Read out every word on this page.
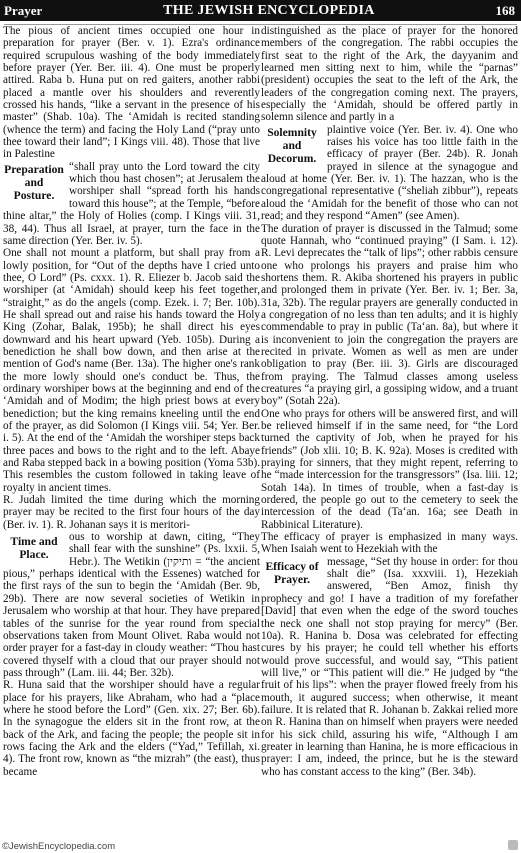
Prayer	THE JEWISH ENCYCLOPEDIA	168

The pious of ancient times occupied one hour in preparation for prayer (Ber. v. 1). Ezra's ordinance required scrupulous washing of the body immediately before prayer (Yer. Ber. iii. 4). One must be properly attired. Raba b. Huna put on red gaiters, another rabbi placed a mantle over his shoulders and reverently crossed his hands, “like a servant in the presence of his master” (Shab. 10a). The ‘Amidah is recited standing (whence the term) and facing the Holy Land (“pray unto thee toward their land”; I Kings viii. 48). Those that live in Palestine

Preparation and Posture.

“shall pray unto the Lord toward the city which thou hast chosen”; at Jerusalem the worshiper shall “spread forth his hands toward this house”; at the Temple, “before thine altar,” the Holy of Holies (comp. I Kings viii. 31, 38, 44). Thus all Israel, at prayer, turn the face in the same direction (Yer. Ber. iv. 5).

One shall not mount a platform, but shall pray from a lowly position, for “Out of the depths have I cried unto thee, O Lord” (Ps. cxxx. 1). R. Eliezer b. Jacob said the worshiper (at ‘Amidah) should keep his feet together, “straight,” as do the angels (comp. Ezek. i. 7; Ber. 10b). He shall spread out and raise his hands toward the Holy King (Zohar, Balak, 195b); he shall direct his eyes downward and his heart upward (Yeb. 105b). During a benediction he shall bow down, and then arise at the mention of God's name (Ber. 13a). The higher one's rank the more lowly should one's conduct be. Thus, the ordinary worshiper bows at the beginning and end of the ‘Amidah and of Modim; the high priest bows at every benediction; but the king remains kneeling until the end of the prayer, as did Solomon (I Kings viii. 54; Yer. Ber. i. 5). At the end of the ‘Amidah the worshiper steps back three paces and bows to the right and to the left. Abaye and Raba stepped back in a bowing position (Yoma 53b). This resembles the custom followed in taking leave of royalty in ancient times.

R. Judah limited the time during which the morning prayer may be recited to the first four hours of the day (Ber. iv. 1). R. Johanan says it is meritori-

Time and Place.

ous to worship at dawn, citing, “They shall fear with the sunshine” (Ps. lxxii. 5, Hebr.). The Wetikin (ותיקין = “the ancient pious,” perhaps identical with the Essenes) watched for the first rays of the sun to begin the ‘Amidah (Ber. 9b, 29b). There are now several societies of Wetikin in Jerusalem who worship at that hour. They have prepared tables of the sunrise for the year round from special observations taken from Mount Olivet. Raba would not order prayer for a fast-day in cloudy weather: “Thou hast covered thyself with a cloud that our prayer should not pass through” (Lam. iii. 44; Ber. 32b).

R. Huna said that the worshiper should have a regular place for his prayers, like Abraham, who had a “place where he stood before the Lord” (Gen. xix. 27; Ber. 6b). In the synagogue the elders sit in the front row, at the back of the Ark, and facing the people; the people sit in rows facing the Ark and the elders (“Yad,” Tefillah, xi. 4). The front row, known as “the mizrah” (the east), thus became

distinguished as the place of prayer for the honored members of the congregation. The rabbi occupies the first seat to the right of the Ark, the dayyanim and learned men sitting next to him, while the “parnas” (president) occupies the seat to the left of the Ark, the leaders of the congregation coming next. The prayers, especially the ‘Amidah, should be offered partly in solemn silence and partly in a

Solemnity and Decorum.

plaintive voice (Yer. Ber. iv. 4). One who raises his voice has too little faith in the efficacy of prayer (Ber. 24b). R. Jonah prayed in silence at the synagogue and aloud at home (Yer. Ber. iv. 1). The hazzan, who is the congregational representative (“sheliah zibbur”), repeats aloud the ‘Amidah for the benefit of those who can not read; and they respond “Amen” (see Amen).

The duration of prayer is discussed in the Talmud; some quote Hannah, who “continued praying” (I Sam. i. 12). R. Levi deprecates the “talk of lips”; other rabbis censure one who prolongs his prayers and praise him who shortens them. R. Akiba shortened his prayers in public and prolonged them in private (Yer. Ber. iv. 1; Ber. 3a, 31a, 32b). The regular prayers are generally conducted in a congregation of no less than ten adults; and it is highly commendable to pray in public (Ta‘an. 8a), but where it is inconvenient to join the congregation the prayers are recited in private. Women as well as men are under obligation to pray (Ber. iii. 3). Girls are discouraged from praying. The Talmud classes among useless creatures “a praying girl, a gossiping widow, and a truant boy” (Sotah 22a).

One who prays for others will be answered first, and will be relieved himself if in the same need, for “the Lord turned the captivity of Job, when he prayed for his friends” (Job xlii. 10; B. K. 92a). Moses is credited with praying for sinners, that they might repent, referring to he “made intercession for the transgressors” (Isa. liii. 12; Sotah 14a). In times of trouble, when a fast-day is ordered, the people go out to the cemetery to seek the intercession of the dead (Ta‘an. 16a; see Death in Rabbinical Literature).

The efficacy of prayer is emphasized in many ways. When Isaiah went to Hezekiah with the

Efficacy of Prayer.

message, “Set thy house in order: for thou shalt die” (Isa. xxxviii. 1), Hezekiah answered, “Ben Amoz, finish thy prophecy and go! I have a tradition of my forefather [David] that even when the edge of the sword touches the neck one shall not stop praying for mercy” (Ber. 10a). R. Hanina b. Dosa was celebrated for effecting cures by his prayer; he could tell whether his efforts would prove successful, and would say, “This patient will live,” or “This patient will die.” He judged by “the fruit of his lips”: when the prayer flowed freely from his mouth, it augured success; when otherwise, it meant failure. It is related that R. Johanan b. Zakkai relied more on R. Hanina than on himself when prayers were needed for his sick child, assuring his wife, “Although I am greater in learning than Hanina, he is more efficacious in prayer: I am, indeed, the prince, but he is the steward who has constant access to the king” (Ber. 34b).

©JewishEncyclopedia.com
